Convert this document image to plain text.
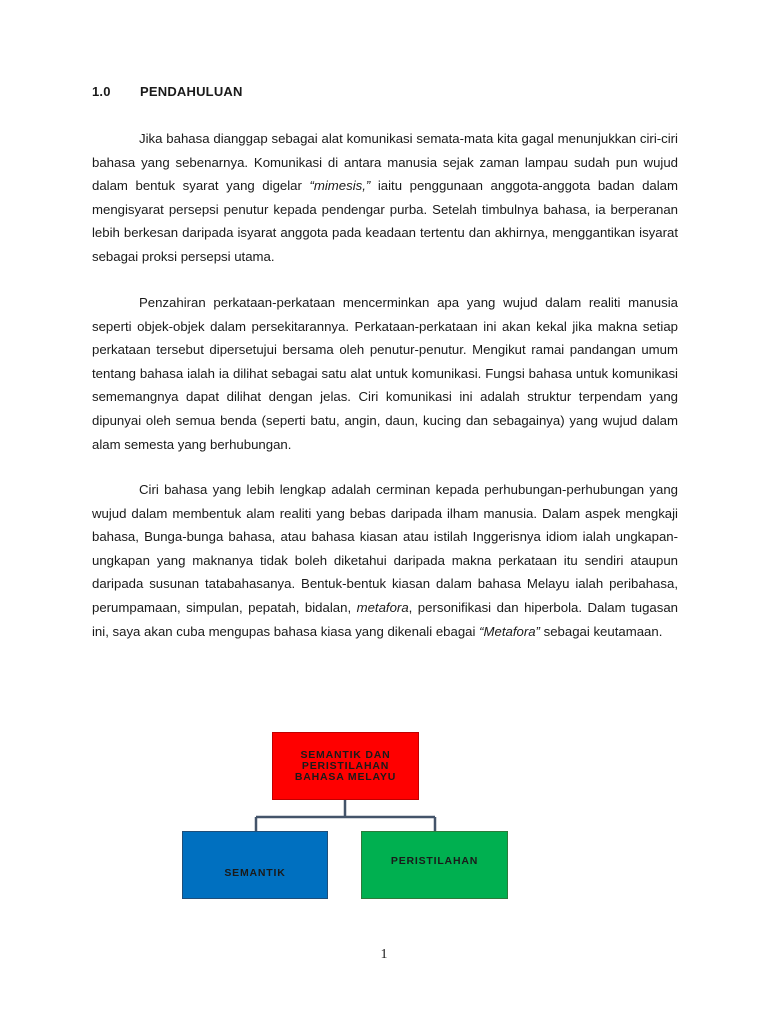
1.0 PENDAHULUAN

Jika bahasa dianggap sebagai alat komunikasi semata-mata kita gagal menunjukkan ciri-ciri bahasa yang sebenarnya. Komunikasi di antara manusia sejak zaman lampau sudah pun wujud dalam bentuk syarat yang digelar “mimesis,” iaitu penggunaan anggota-anggota badan dalam mengisyarat persepsi penutur kepada pendengar purba. Setelah timbulnya bahasa, ia berperanan lebih berkesan daripada isyarat anggota pada keadaan tertentu dan akhirnya, menggantikan isyarat sebagai proksi persepsi utama.

Penzahiran perkataan-perkataan mencerminkan apa yang wujud dalam realiti manusia seperti objek-objek dalam persekitarannya. Perkataan-perkataan ini akan kekal jika makna setiap perkataan tersebut dipersetujui bersama oleh penutur-penutur. Mengikut ramai pandangan umum tentang bahasa ialah ia dilihat sebagai satu alat untuk komunikasi. Fungsi bahasa untuk komunikasi sememangnya dapat dilihat dengan jelas. Ciri komunikasi ini adalah struktur terpendam yang dipunyai oleh semua benda (seperti batu, angin, daun, kucing dan sebagainya) yang wujud dalam alam semesta yang berhubungan.

Ciri bahasa yang lebih lengkap adalah cerminan kepada perhubungan-perhubungan yang wujud dalam membentuk alam realiti yang bebas daripada ilham manusia. Dalam aspek mengkaji bahasa, Bunga-bunga bahasa, atau bahasa kiasan atau istilah Inggerisnya idiom ialah ungkapan-ungkapan yang maknanya tidak boleh diketahui daripada makna perkataan itu sendiri ataupun daripada susunan tatabahasanya. Bentuk-bentuk kiasan dalam bahasa Melayu ialah peribahasa, perumpamaan, simpulan, pepatah, bidalan, metafora, personifikasi dan hiperbola. Dalam tugasan ini, saya akan cuba mengupas bahasa kiasa yang dikenali ebagai “Metafora” sebagai keutamaan.

SEMANTIK DAN PERISTILAHAN BAHASA MELAYU
SEMANTIK
PERISTILAHAN
1
